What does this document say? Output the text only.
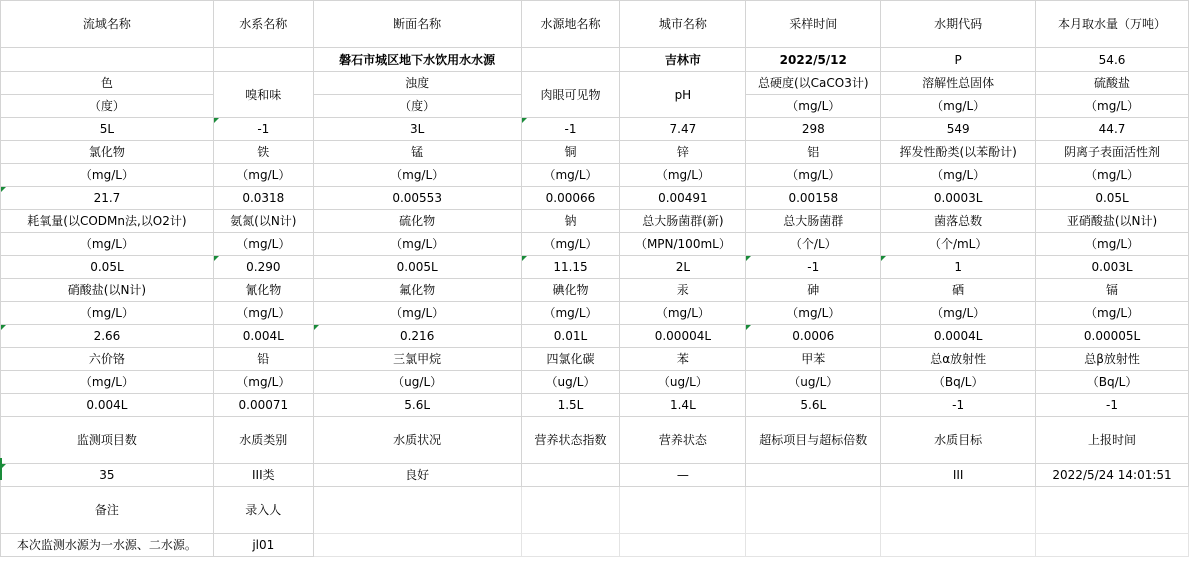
流域名称	水系名称	断面名称	水源地名称	城市名称	采样时间	水期代码	本月取水量（万吨）
		磐石市城区地下水饮用水水源		吉林市	2022/5/12	P	54.6
色	嗅和味	浊度	肉眼可见物	pH	总硬度(以CaCO3计)	溶解性总固体	硫酸盐
（度）		（度）			（mg/L）	（mg/L）	（mg/L）
5L	-1	3L	-1	7.47	298	549	44.7
氯化物	铁	锰	铜	锌	铝	挥发性酚类(以苯酚计)	阴离子表面活性剂
（mg/L）	（mg/L）	（mg/L）	（mg/L）	（mg/L）	（mg/L）	（mg/L）	（mg/L）
21.7	0.0318	0.00553	0.00066	0.00491	0.00158	0.0003L	0.05L
耗氧量(以CODMn法,以O2计)	氨氮(以N计)	硫化物	钠	总大肠菌群(新)	总大肠菌群	菌落总数	亚硝酸盐(以N计)
（mg/L）	（mg/L）	（mg/L）	（mg/L）	（MPN/100mL）	（个/L）	（个/mL）	（mg/L）
0.05L	0.290	0.005L	11.15	2L	-1	1	0.003L
硝酸盐(以N计)	氰化物	氟化物	碘化物	汞	砷	硒	镉
（mg/L）	（mg/L）	（mg/L）	（mg/L）	（mg/L）	（mg/L）	（mg/L）	（mg/L）
2.66	0.004L	0.216	0.01L	0.00004L	0.0006	0.0004L	0.00005L
六价铬	铅	三氯甲烷	四氯化碳	苯	甲苯	总α放射性	总β放射性
（mg/L）	（mg/L）	（ug/L）	（ug/L）	（ug/L）	（ug/L）	（Bq/L）	（Bq/L）
0.004L	0.00071	5.6L	1.5L	1.4L	5.6L	-1	-1
监测项目数	水质类别	水质状况	营养状态指数	营养状态	超标项目与超标倍数	水质目标	上报时间
35	III类	良好		—		III	2022/5/24 14:01:51
备注	录入人						
本次监测水源为一水源、二水源。	jl01						
